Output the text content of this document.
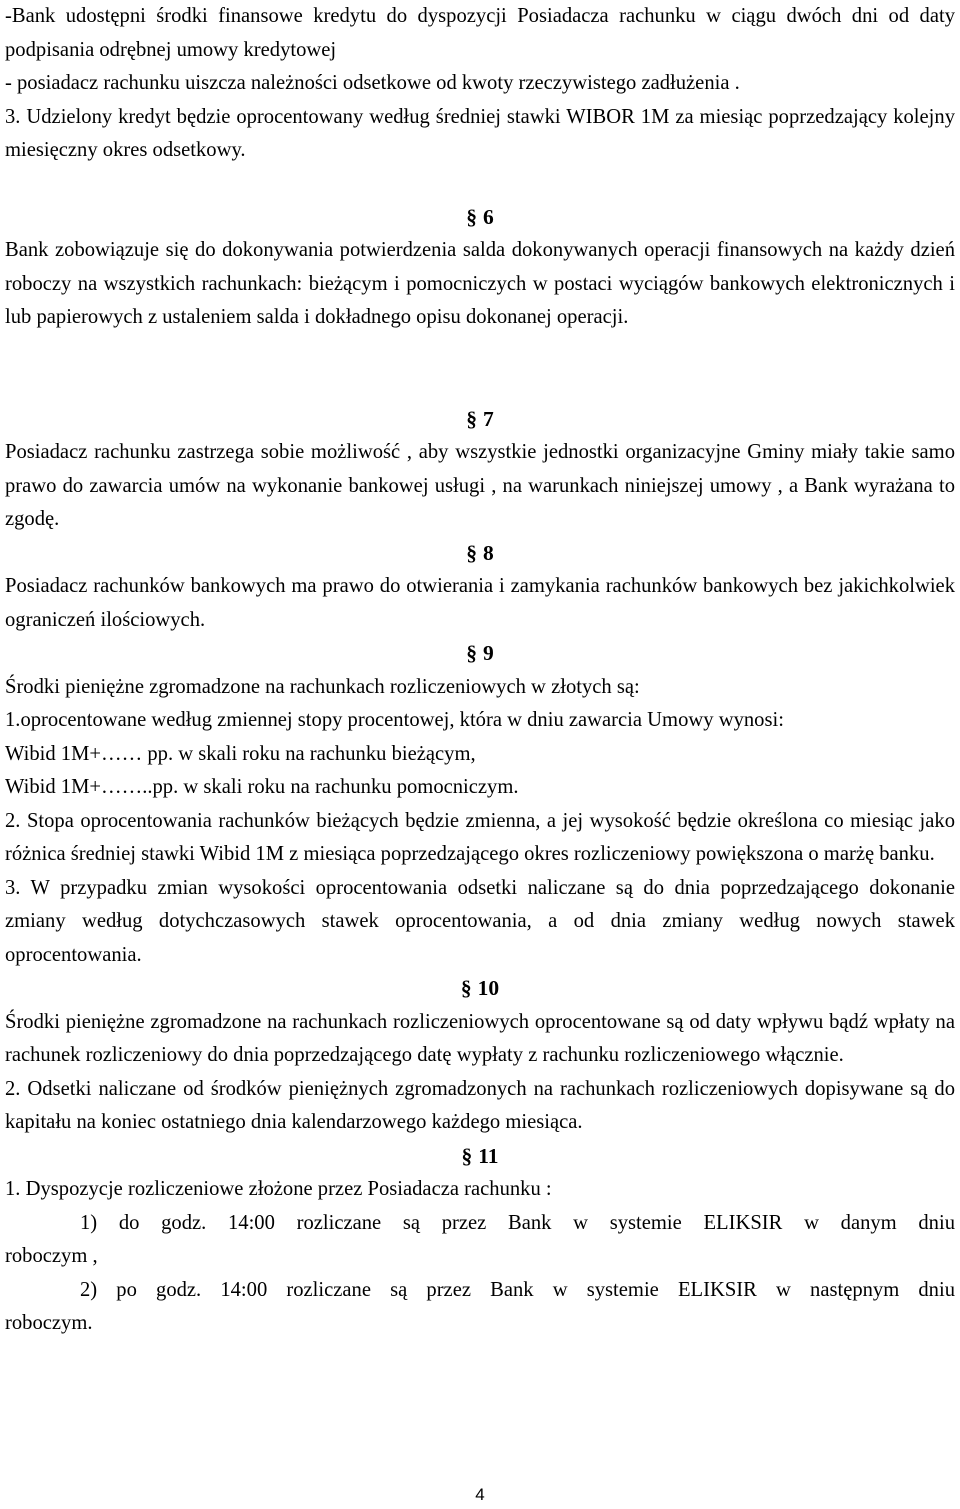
-Bank udostępni środki finansowe kredytu do dyspozycji Posiadacza rachunku w ciągu dwóch dni od daty podpisania odrębnej umowy kredytowej

- posiadacz rachunku uiszcza należności odsetkowe od kwoty rzeczywistego zadłużenia .

3. Udzielony kredyt będzie oprocentowany według średniej stawki WIBOR 1M za miesiąc poprzedzający kolejny miesięczny okres odsetkowy.

§ 6

Bank zobowiązuje się do dokonywania potwierdzenia salda dokonywanych operacji finansowych na każdy dzień roboczy na wszystkich rachunkach: bieżącym i pomocniczych w postaci wyciągów bankowych elektronicznych i lub papierowych z ustaleniem salda i dokładnego opisu dokonanej operacji.

§ 7

Posiadacz rachunku zastrzega sobie możliwość , aby wszystkie jednostki organizacyjne Gminy miały takie samo prawo do zawarcia umów na wykonanie bankowej usługi , na warunkach niniejszej umowy , a Bank wyrażana to zgodę.

§ 8

Posiadacz rachunków bankowych ma prawo do otwierania i zamykania rachunków bankowych bez jakichkolwiek ograniczeń ilościowych.

§ 9

Środki pieniężne zgromadzone na rachunkach rozliczeniowych w złotych są:

1.oprocentowane według zmiennej stopy procentowej, która w dniu zawarcia Umowy wynosi:

Wibid 1M+…… pp. w skali roku na rachunku bieżącym,

Wibid 1M+……..pp. w skali roku na rachunku pomocniczym.

2. Stopa oprocentowania rachunków bieżących będzie zmienna, a jej wysokość będzie określona co miesiąc jako różnica średniej stawki Wibid 1M z miesiąca poprzedzającego okres rozliczeniowy powiększona o marżę banku.

3. W przypadku zmian wysokości oprocentowania odsetki naliczane są do dnia poprzedzającego dokonanie zmiany według dotychczasowych stawek oprocentowania, a od dnia zmiany według nowych stawek oprocentowania.

§ 10

Środki pieniężne zgromadzone na rachunkach rozliczeniowych oprocentowane są od daty wpływu bądź wpłaty na rachunek rozliczeniowy do dnia poprzedzającego datę wypłaty z rachunku rozliczeniowego włącznie.

2. Odsetki naliczane od środków pieniężnych zgromadzonych na rachunkach rozliczeniowych dopisywane są do kapitału na koniec ostatniego dnia kalendarzowego każdego miesiąca.

§ 11

1. Dyspozycje rozliczeniowe złożone przez Posiadacza rachunku :

1) do godz. 14:00 rozliczane są przez Bank w systemie ELIKSIR w danym dniu

roboczym ,

2) po godz. 14:00 rozliczane są przez Bank w systemie ELIKSIR w następnym dniu

roboczym.

4
